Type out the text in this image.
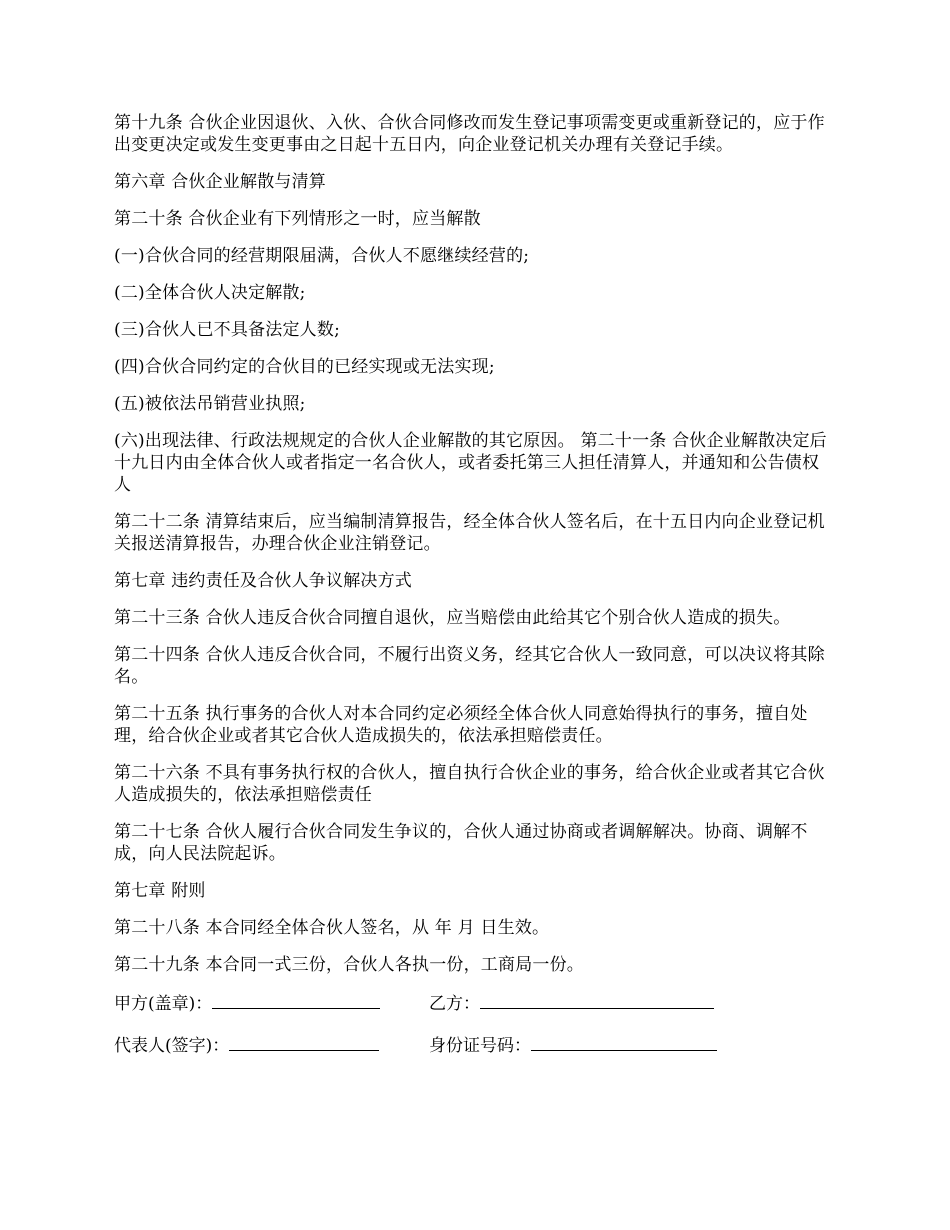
第十九条 合伙企业因退伙、入伙、合伙合同修改而发生登记事项需变更或重新登记的，应于作出变更决定或发生变更事由之日起十五日内，向企业登记机关办理有关登记手续。

第六章 合伙企业解散与清算

第二十条 合伙企业有下列情形之一时，应当解散

(一)合伙合同的经营期限届满，合伙人不愿继续经营的;

(二)全体合伙人决定解散;

(三)合伙人已不具备法定人数;

(四)合伙合同约定的合伙目的已经实现或无法实现;

(五)被依法吊销营业执照;

(六)出现法律、行政法规规定的合伙人企业解散的其它原因。 第二十一条 合伙企业解散决定后十九日内由全体合伙人或者指定一名合伙人，或者委托第三人担任清算人，并通知和公告债权人

第二十二条 清算结束后，应当编制清算报告，经全体合伙人签名后，在十五日内向企业登记机关报送清算报告，办理合伙企业注销登记。

第七章 违约责任及合伙人争议解决方式

第二十三条 合伙人违反合伙合同擅自退伙，应当赔偿由此给其它个别合伙人造成的损失。

第二十四条 合伙人违反合伙合同，不履行出资义务，经其它合伙人一致同意，可以决议将其除名。

第二十五条 执行事务的合伙人对本合同约定必须经全体合伙人同意始得执行的事务，擅自处理，给合伙企业或者其它合伙人造成损失的，依法承担赔偿责任。

第二十六条 不具有事务执行权的合伙人，擅自执行合伙企业的事务，给合伙企业或者其它合伙人造成损失的，依法承担赔偿责任

第二十七条 合伙人履行合伙合同发生争议的，合伙人通过协商或者调解解决。协商、调解不成，向人民法院起诉。

第七章 附则

第二十八条 本合同经全体合伙人签名，从 年 月 日生效。

第二十九条 本合同一式三份，合伙人各执一份，工商局一份。

甲方(盖章)：	乙方：
代表人(签字)：	身份证号码：
